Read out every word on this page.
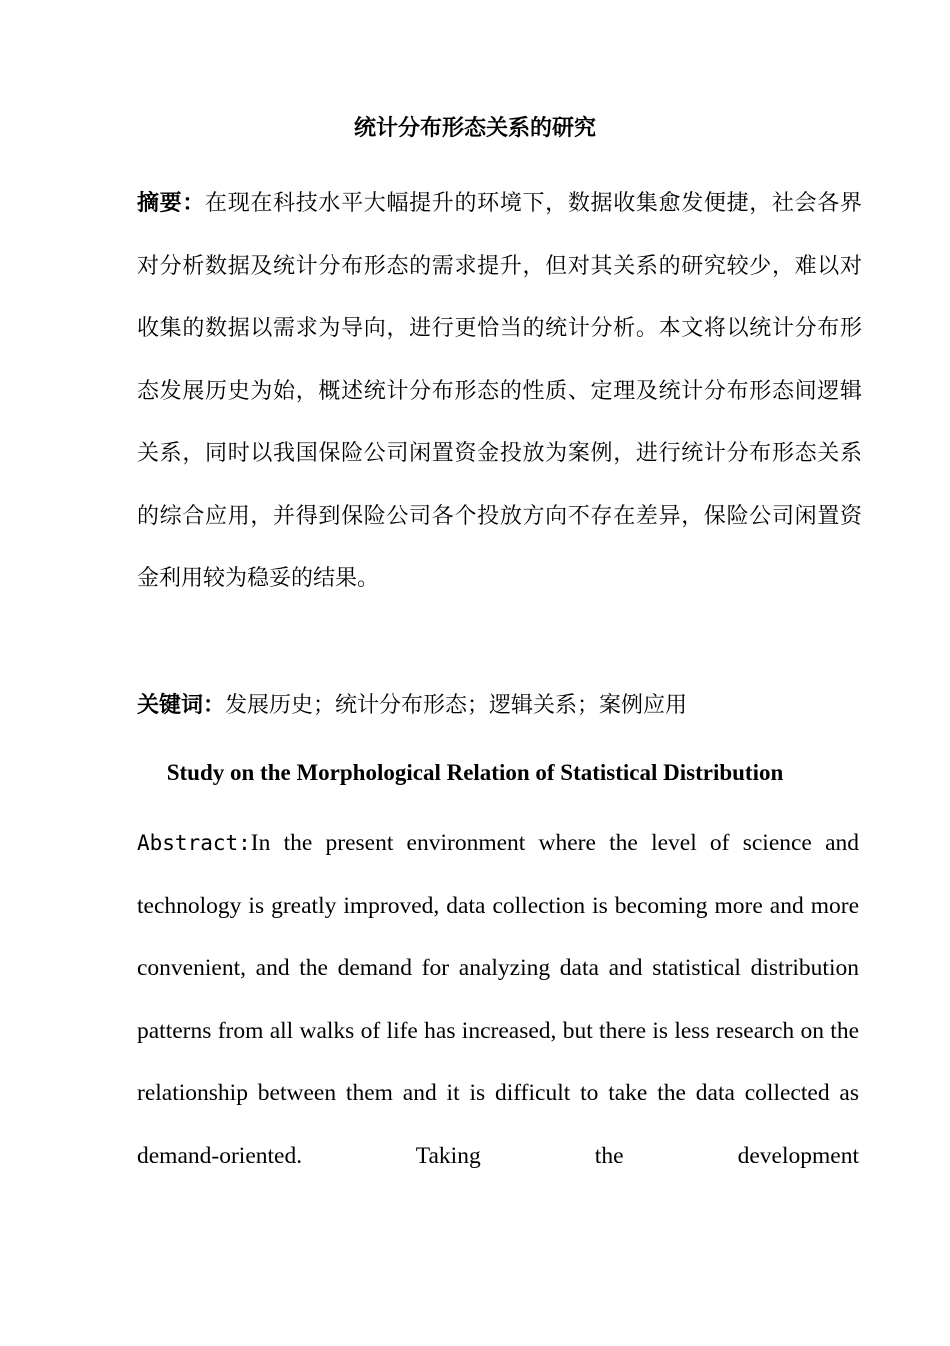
统计分布形态关系的研究
摘要：在现在科技水平大幅提升的环境下，数据收集愈发便捷，社会各界对分析数据及统计分布形态的需求提升，但对其关系的研究较少，难以对收集的数据以需求为导向，进行更恰当的统计分析。本文将以统计分布形态发展历史为始，概述统计分布形态的性质、定理及统计分布形态间逻辑关系，同时以我国保险公司闲置资金投放为案例，进行统计分布形态关系的综合应用，并得到保险公司各个投放方向不存在差异，保险公司闲置资金利用较为稳妥的结果。
关键词：发展历史；统计分布形态；逻辑关系；案例应用
Study on the Morphological Relation of Statistical Distribution
Abstract:In the present environment where the level of science and technology is greatly improved, data collection is becoming more and more convenient, and the demand for analyzing data and statistical distribution patterns from all walks of life has increased, but there is less research on the relationship between them and it is difficult to take the data collected as demand-oriented. Taking the development
